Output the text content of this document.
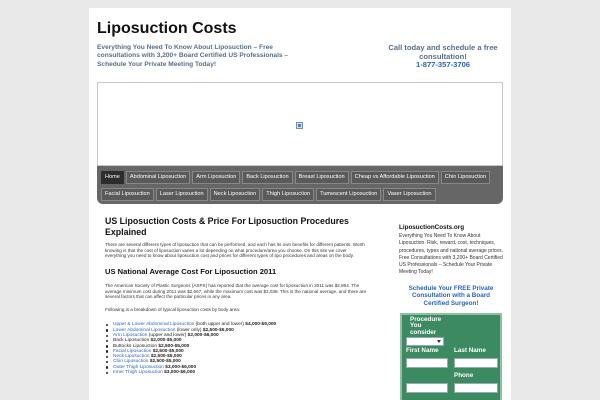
Liposuction Costs
Everything You Need To Know About Liposuction – Free consultations with 3,200+ Board Certified US Professionals – Schedule Your Private Meeting Today!
Call today and schedule a free consultation!
1-877-357-3706
Home	Abdominal Liposuction	Arm Liposuction	Back Liposuction	Breast Liposuction	Cheap vs Affordable Liposuction	Chin Liposuction
Facial Liposuction	Laser Liposuction	Neck Liposuction	Thigh Liposuction	Tumescent Liposuction	Vaser Liposuction
US Liposuction Costs & Price For Liposuction Procedures Explained
There are several different types of liposuction that can be performed, and each has its own benefits for different patients. Worth knowing is that the cost of liposuction varies a lot depending on what procedure/area you choose. On this site we cover everything you need to know about liposuction cost and prices for different types of lipo procedures and areas on the body.
US National Average Cost For Liposuction 2011
The American Society of Plastic Surgeons (ASPS) has reported that the average cost for liposuction in 2011 was $2,864. The average minimum cost during 2011 was $2,667, while the maximum cost was $3,038. This is the national average, and there are several factors that can affect the particular prices in any area.
Following is a breakdown of typical liposuction costs by body area:
Upper & Lower Abdominal Liposuction (both upper and lower) $4,000-$9,000
Lower Abdominal Liposuction (lower only) $2,500-$5,000
Arm Liposuction (upper and lower) $2,000-$6,000
Back Liposuction $2,000-$5,000
Buttocks Liposuction $2,500-$5,000
Facial Liposuction $2,500-$5,000
Neck Liposuction $2,500-$5,000
Chin Liposuction $2,500-$5,000
Outer Thigh Liposuction $3,000-$6,000
Inner Thigh Liposuction $3,000-$6,000
LiposuctionCosts.org
Everything You Need To Know About Liposuction. Risk, reward, cost, techniques, procedures, types and national average prices. Free Consultations with 3,200+ Board Certified US Professionals – Schedule Your Private Meeting Today!
Schedule Your FREE Private Consultation with a Board Certified Surgeon!
Procedure You consider
First Name Last Name
Phone
